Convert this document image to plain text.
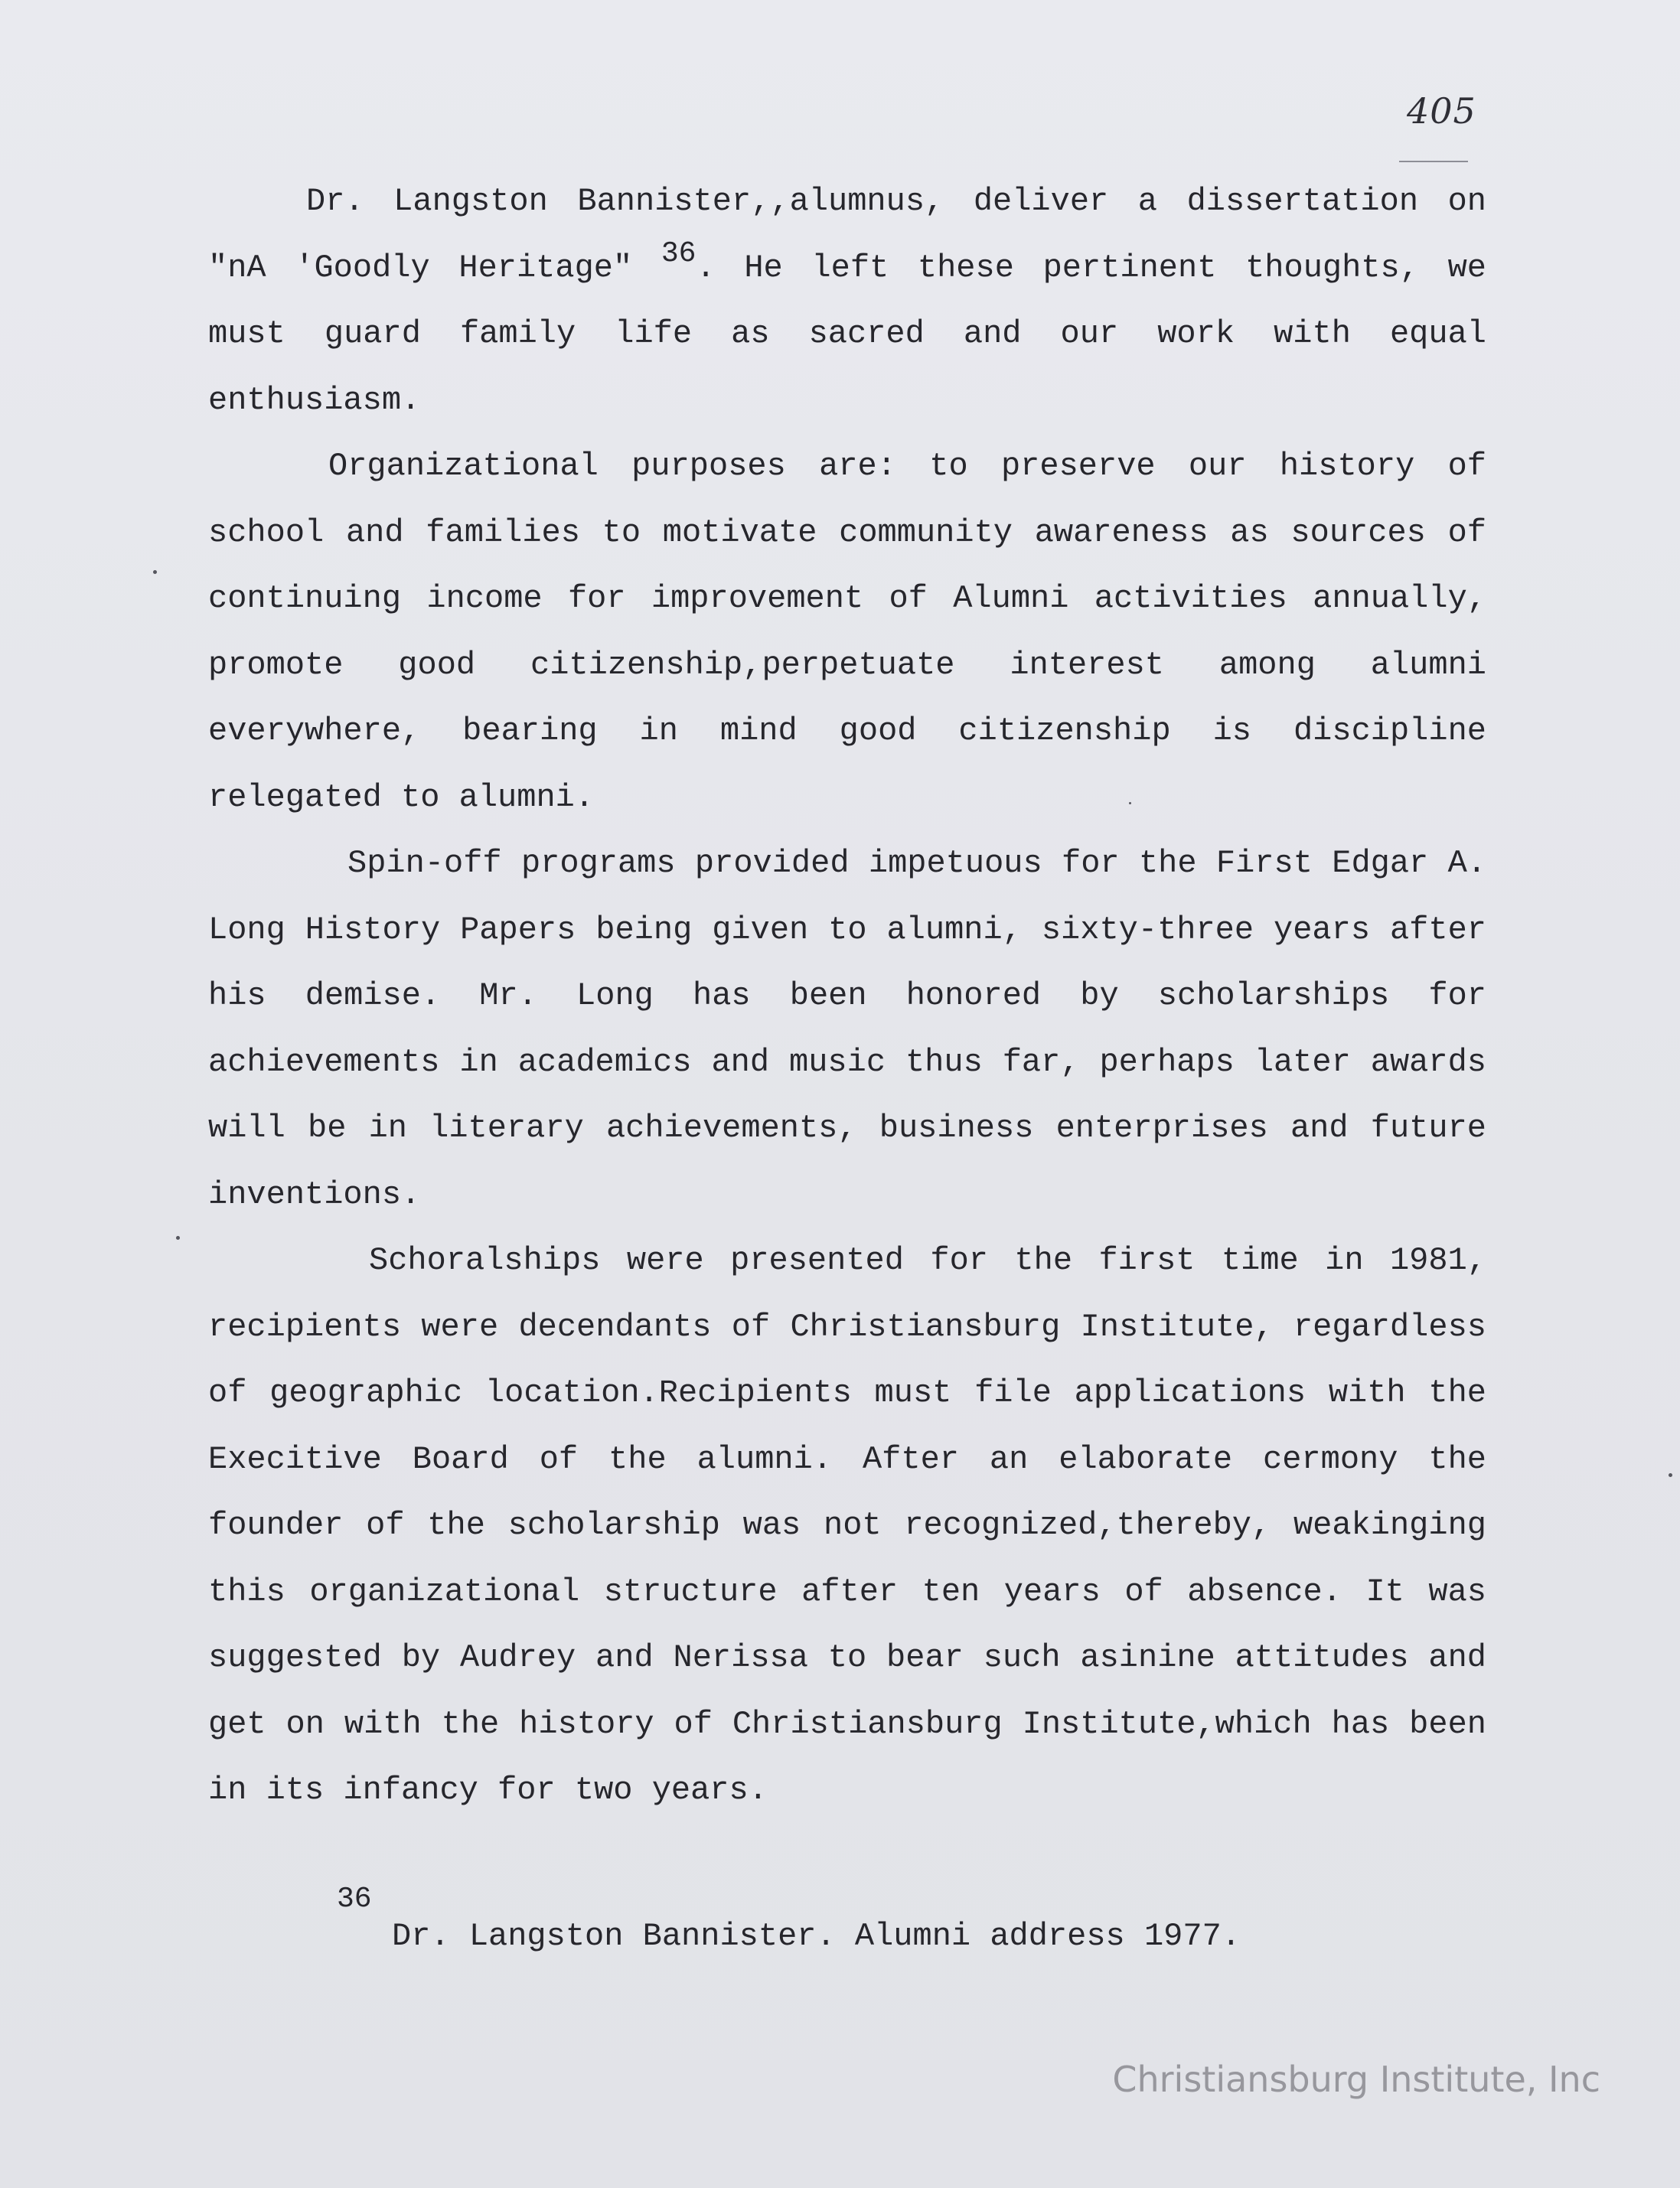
405

Dr. Langston Bannister,,alumnus, deliver a dissertation on "nA 'Goodly Heritage" 36. He left these pertinent thoughts, we must guard family life as sacred and our work with equal enthusiasm.

Organizational purposes are: to preserve our history of school and families to motivate community awareness as sources of continuing income for improvement of Alumni activities annually, promote good citizenship,perpetuate interest among alumni everywhere, bearing in mind good citizenship is discipline relegated to alumni.

Spin-off programs provided impetuous for the First Edgar A. Long History Papers being given to alumni, sixty-three years after his demise. Mr. Long has been honored by scholarships for achievements in academics and music thus far, perhaps later awards will be in literary achievements, business enterprises and future inventions.

Schoralships were presented for the first time in 1981, recipients were decendants of Christiansburg Institute, regardless of geographic location.Recipients must file applications with the Execitive Board of the alumni. After an elaborate cermony the founder of the scholarship was not recognized,thereby, weakinging this organizational structure after ten years of absence. It was suggested by Audrey and Nerissa to bear such asinine attitudes and get on with the history of Christiansburg Institute,which has been in its infancy for two years.

36
Dr. Langston Bannister. Alumni address 1977.
Christiansburg Institute, Inc
